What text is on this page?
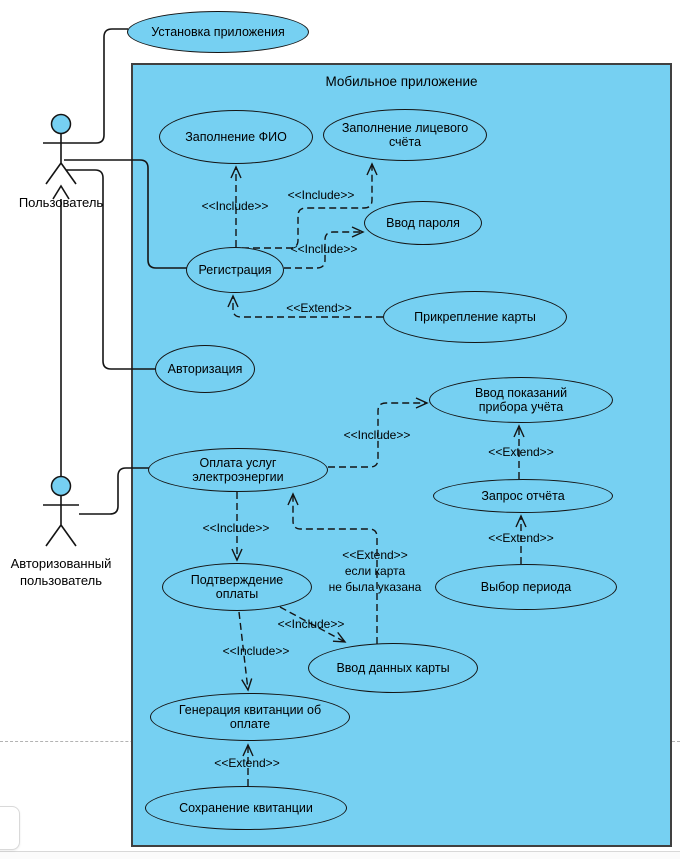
Мобильное приложение
Установка приложения
Заполнение ФИО
Заполнение лицевого счёта
Ввод пароля
Регистрация
Прикрепление карты
Авторизация
Ввод показаний прибора учёта
Оплата услуг электроэнергии
Запрос отчёта
Выбор периода
Подтверждение оплаты
Ввод данных карты
Генерация квитанции об оплате
Сохранение квитанции
Пользователь
Авторизованный пользователь
<<Include>>
<<Include>>
<<Include>>
<<Extend>>
<<Include>>
<<Extend>>
<<Extend>>
<<Include>>
<<Include>>
<<Include>>
<<Extend>>
<<Extend>>
если карта
не была указана
